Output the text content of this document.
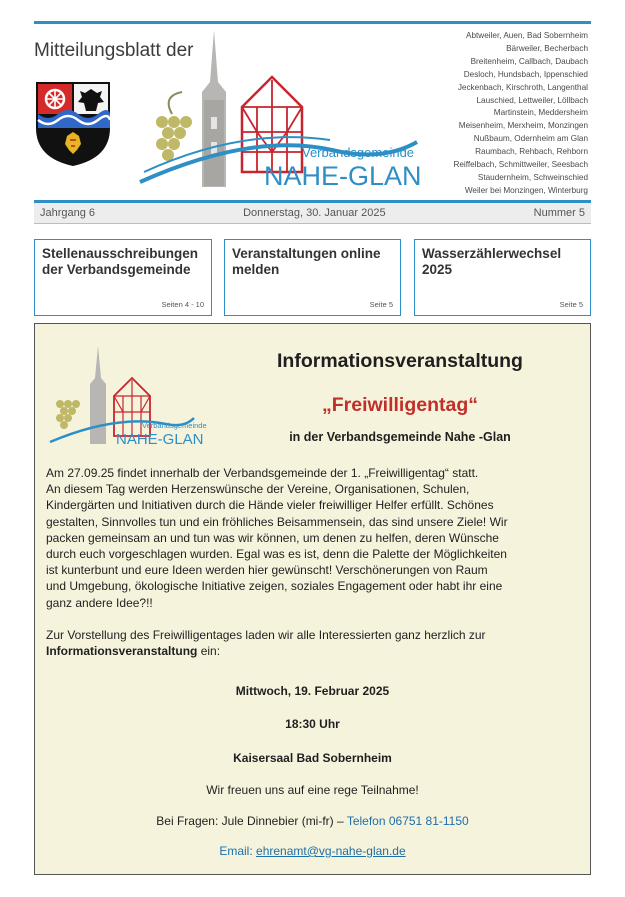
Mitteilungsblatt der
Verbandsgemeinde
NAHE-GLAN
Abtweiler, Auen, Bad Sobernheim
Bärweiler, Becherbach
Breitenheim, Callbach, Daubach
Desloch, Hundsbach, Ippenschied
Jeckenbach, Kirschroth, Langenthal
Lauschied, Lettweiler, Löllbach
Martinstein, Meddersheim
Meisenheim, Merxheim, Monzingen
Nußbaum, Odernheim am Glan
Raumbach, Rehbach, Rehborn
Reiffelbach, Schmittweiler, Seesbach
Staudernheim, Schweinschied
Weiler bei Monzingen, Winterburg
Jahrgang 6	Donnerstag, 30. Januar 2025	Nummer 5
Stellenausschreibungen der Verbandsgemeinde
Seiten 4 - 10
Veranstaltungen online melden
Seite 5
Wasserzählerwechsel 2025
Seite 5
Verbandsgemeinde
NAHE-GLAN
Informationsveranstaltung
„Freiwilligentag“
in der Verbandsgemeinde Nahe -Glan

Am 27.09.25 findet innerhalb der Verbandsgemeinde der 1. „Freiwilligentag“ statt.

An diesem Tag werden Herzenswünsche der Vereine, Organisationen, Schulen,

Kindergärten und Initiativen durch die Hände vieler freiwilliger Helfer erfüllt. Schönes

gestalten, Sinnvolles tun und ein fröhliches Beisammensein, das sind unsere Ziele! Wir

packen gemeinsam an und tun was wir können, um denen zu helfen, deren Wünsche

durch euch vorgeschlagen wurden. Egal was es ist, denn die Palette der Möglichkeiten

ist kunterbunt und eure Ideen werden hier gewünscht! Verschönerungen von Raum

und Umgebung, ökologische Initiative zeigen, soziales Engagement oder habt ihr eine

ganz andere Idee?!!

Zur Vorstellung des Freiwilligentages laden wir alle Interessierten ganz herzlich zur

Informationsveranstaltung ein:

Mittwoch, 19. Februar 2025
18:30 Uhr
Kaisersaal Bad Sobernheim
Wir freuen uns auf eine rege Teilnahme!
Bei Fragen: Jule Dinnebier (mi-fr) – Telefon 06751 81-1150
Email: ehrenamt@vg-nahe-glan.de
